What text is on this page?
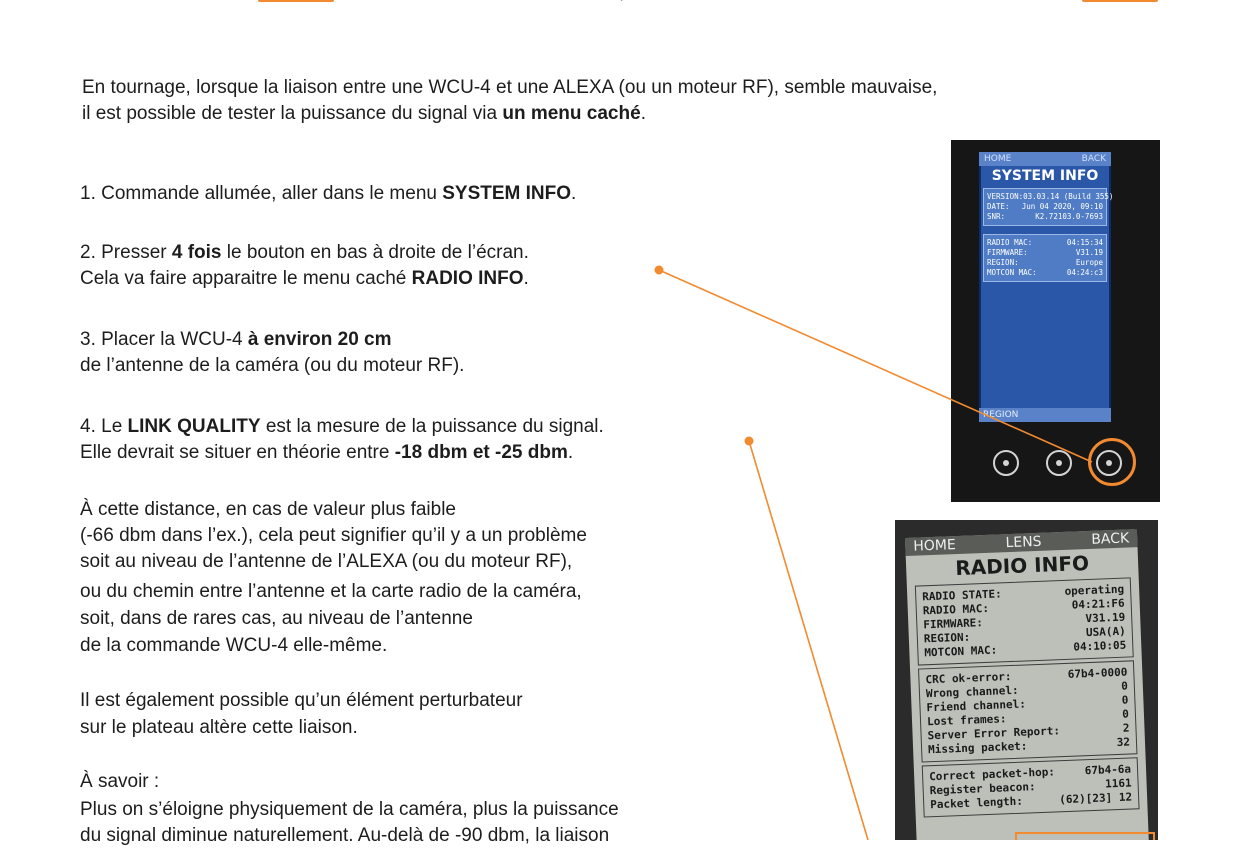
En tournage, lorsque la liaison entre une WCU-4 et une ALEXA (ou un moteur RF), semble mauvaise,
il est possible de tester la puissance du signal via un menu caché.
1. Commande allumée, aller dans le menu SYSTEM INFO.
2. Presser 4 fois le bouton en bas à droite de l’écran.
Cela va faire apparaitre le menu caché RADIO INFO.
3. Placer la WCU-4 à environ 20 cm
de l’antenne de la caméra (ou du moteur RF).
4. Le LINK QUALITY est la mesure de la puissance du signal.
Elle devrait se situer en théorie entre -18 dbm et -25 dbm.
À cette distance, en cas de valeur plus faible
(-66 dbm dans l’ex.), cela peut signifier qu’il y a un problème
soit au niveau de l’antenne de l’ALEXA (ou du moteur RF),
ou du chemin entre l’antenne et la carte radio de la caméra,
soit, dans de rares cas, au niveau de l’antenne
de la commande WCU-4 elle-même.
Il est également possible qu’un élément perturbateur
sur le plateau altère cette liaison.
À savoir :
Plus on s’éloigne physiquement de la caméra, plus la puissance
du signal diminue naturellement. Au-delà de -90 dbm, la liaison
HOME	BACK
SYSTEM INFO
VERSION: 03.03.14 (Build 355)
DATE: Jun 04 2020, 09:10
SNR:	K2.72103.0-7693
RADIO MAC:	04:15:34
FIRMWARE:	V31.19
REGION:	Europe
MOTCON MAC:	04:24:c3
REGION
HOME	LENS	BACK
RADIO INFO
RADIO STATE:	operating
RADIO MAC:	04:21:F6
FIRMWARE:	V31.19
REGION:	USA(A)
MOTCON MAC:	04:10:05
CRC ok-error:	67b4-0000
Wrong channel:	0
Friend channel:	0
Lost frames:	0
Server Error Report:	2
Missing packet:	32
Correct packet-hop:	67b4-6a
Register beacon:	1161
Packet length:	(62)[23] 12
